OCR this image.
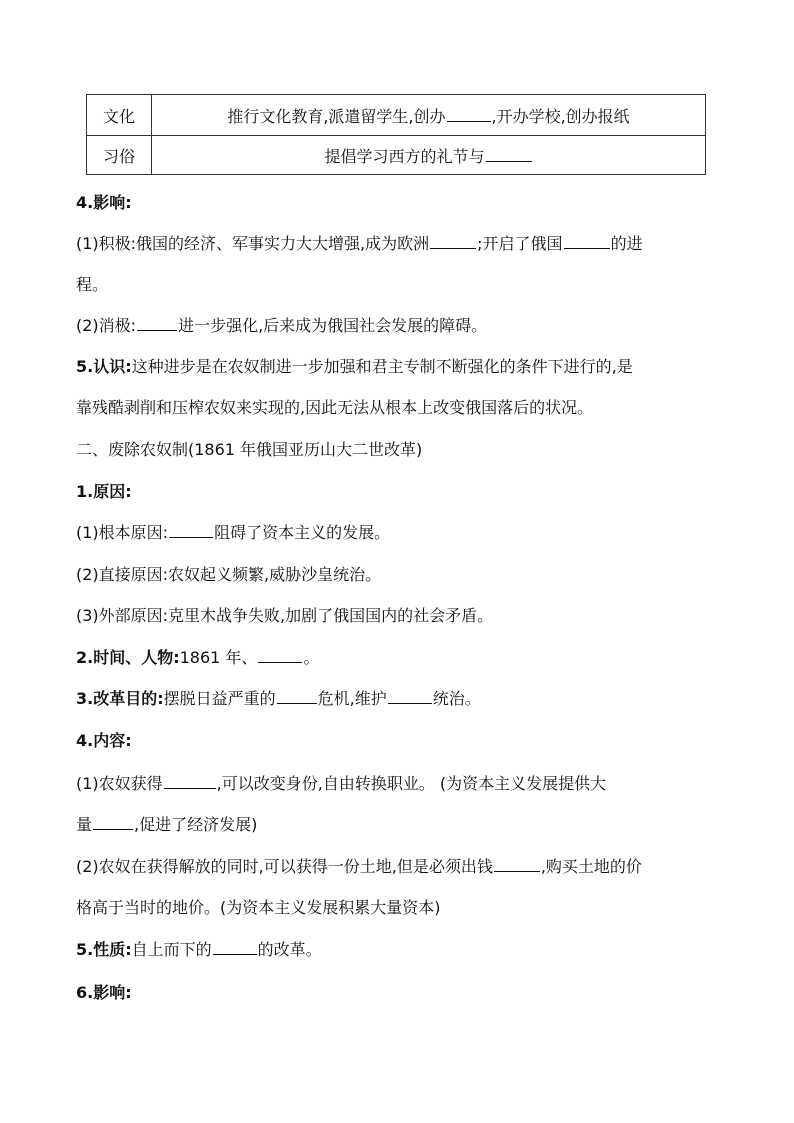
文化	推行文化教育,派遣留学生,创办 ,开办学校,创办报纸
习俗	提倡学习西方的礼节与
4.影响:
(1)积极:俄国的经济、军事实力大大增强,成为欧洲	;开启了俄国	的进
程。
(2)消极:	进一步强化,后来成为俄国社会发展的障碍。
5.认识:这种进步是在农奴制进一步加强和君主专制不断强化的条件下进行的,是
靠残酷剥削和压榨农奴来实现的,因此无法从根本上改变俄国落后的状况。
二、废除农奴制(1861 年俄国亚历山大二世改革)
1.原因:
(1)根本原因:	阻碍了资本主义的发展。
(2)直接原因:农奴起义频繁,威胁沙皇统治。
(3)外部原因:克里木战争失败,加剧了俄国国内的社会矛盾。
2.时间、人物:1861 年、	。
3.改革目的:摆脱日益严重的	危机,维护	统治。
4.内容:
(1)农奴获得	,可以改变身份,自由转换职业。 (为资本主义发展提供大
量	,促进了经济发展)
(2)农奴在获得解放的同时,可以获得一份土地,但是必须出钱	,购买土地的价
格高于当时的地价。(为资本主义发展积累大量资本)
5.性质:自上而下的	的改革。
6.影响:
